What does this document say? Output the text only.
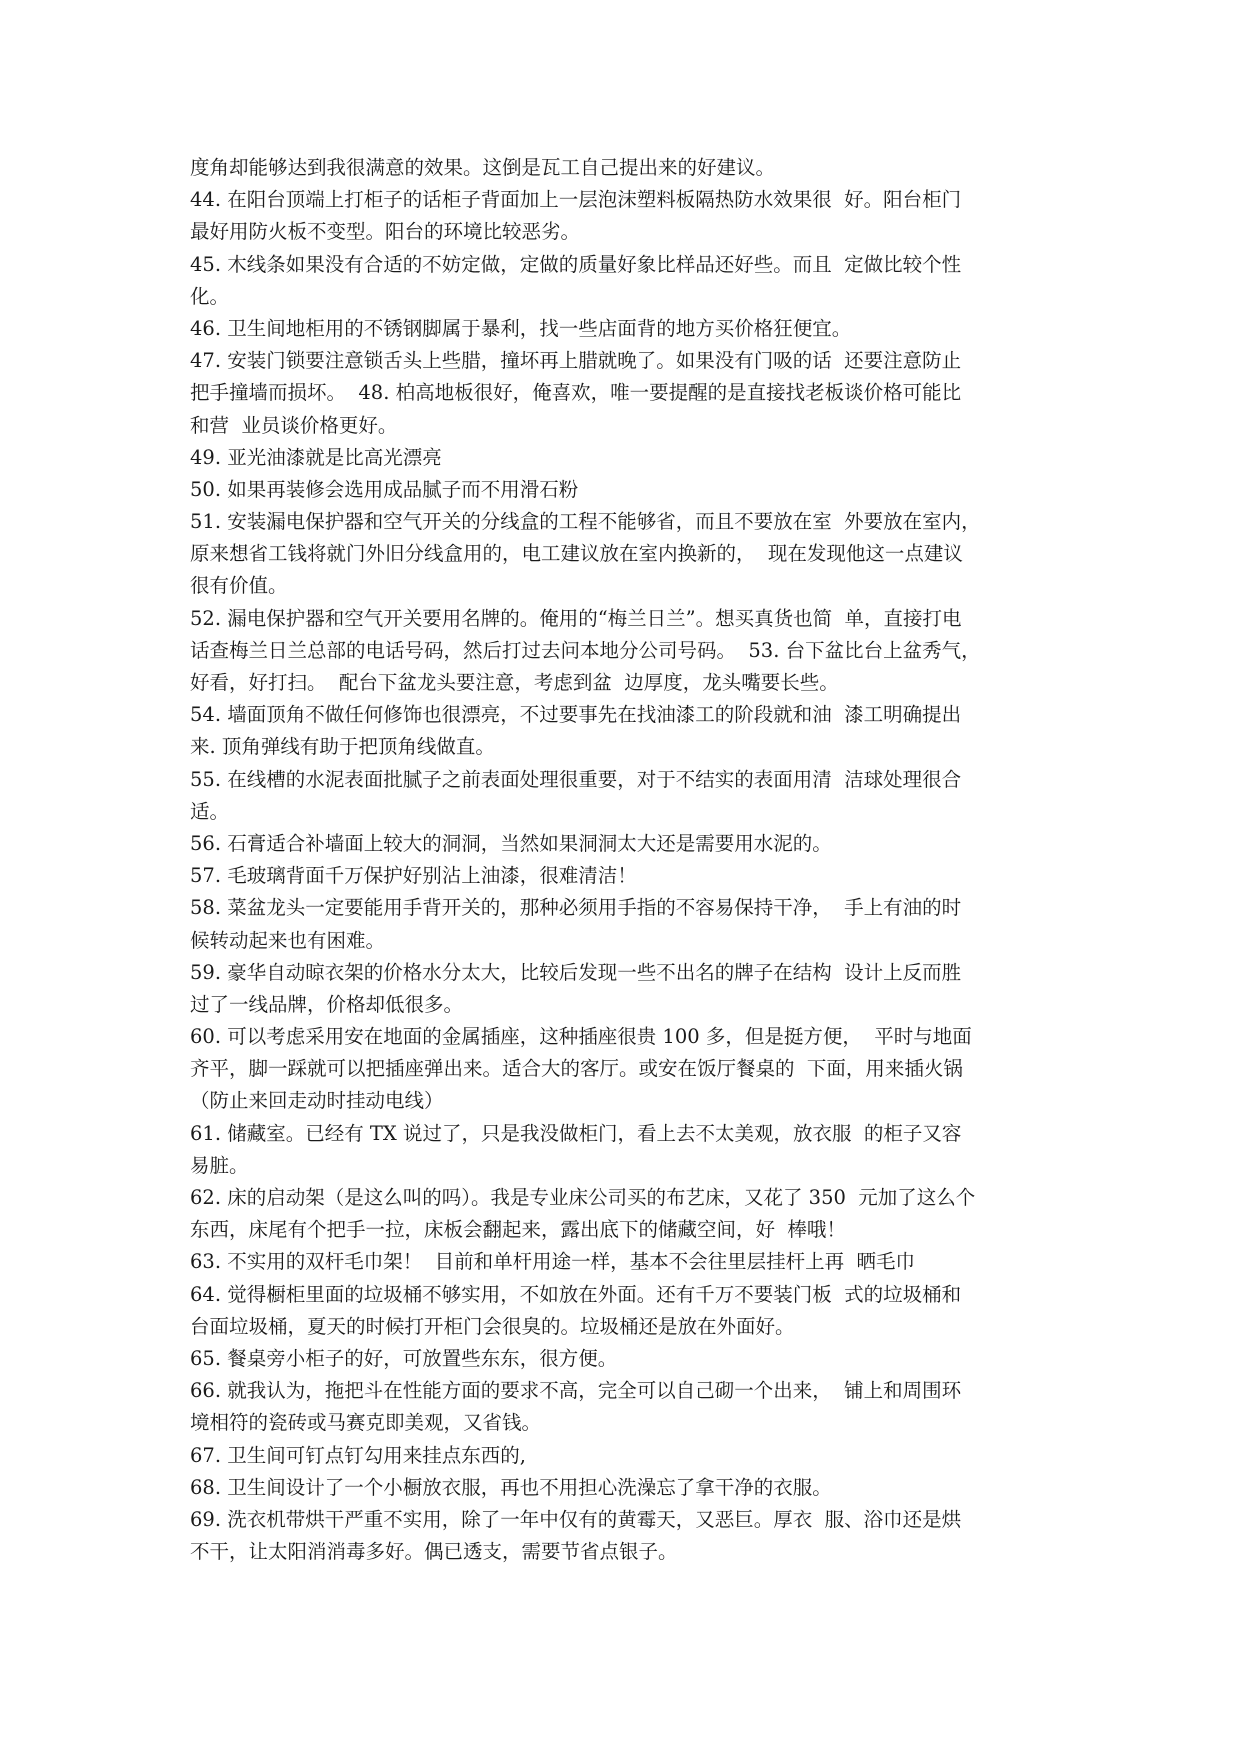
度角却能够达到我很满意的效果。这倒是瓦工自己提出来的好建议。
44. 在阳台顶端上打柜子的话柜子背面加上一层泡沫塑料板隔热防水效果很  好。阳台柜门
最好用防火板不变型。阳台的环境比较恶劣。
45. 木线条如果没有合适的不妨定做，定做的质量好象比样品还好些。而且  定做比较个性
化。
46. 卫生间地柜用的不锈钢脚属于暴利，找一些店面背的地方买价格狂便宜。
47. 安装门锁要注意锁舌头上些腊，撞坏再上腊就晚了。如果没有门吸的话  还要注意防止
把手撞墙而损坏。  48. 柏高地板很好，俺喜欢，唯一要提醒的是直接找老板谈价格可能比
和营  业员谈价格更好。
49. 亚光油漆就是比高光漂亮
50. 如果再装修会选用成品腻子而不用滑石粉
51. 安装漏电保护器和空气开关的分线盒的工程不能够省，而且不要放在室  外要放在室内，
原来想省工钱将就门外旧分线盒用的，电工建议放在室内换新的，  现在发现他这一点建议
很有价值。
52. 漏电保护器和空气开关要用名牌的。俺用的“梅兰日兰”。想买真货也简  单，直接打电
话查梅兰日兰总部的电话号码，然后打过去问本地分公司号码。  53. 台下盆比台上盆秀气，
好看，好打扫。  配台下盆龙头要注意，考虑到盆  边厚度，龙头嘴要长些。
54. 墙面顶角不做任何修饰也很漂亮，不过要事先在找油漆工的阶段就和油  漆工明确提出
来. 顶角弹线有助于把顶角线做直。
55. 在线槽的水泥表面批腻子之前表面处理很重要，对于不结实的表面用清  洁球处理很合
适。
56. 石膏适合补墙面上较大的洞洞，当然如果洞洞太大还是需要用水泥的。
57. 毛玻璃背面千万保护好别沾上油漆，很难清洁！
58. 菜盆龙头一定要能用手背开关的，那种必须用手指的不容易保持干净，  手上有油的时
候转动起来也有困难。
59. 豪华自动晾衣架的价格水分太大，比较后发现一些不出名的牌子在结构  设计上反而胜
过了一线品牌，价格却低很多。
60. 可以考虑采用安在地面的金属插座，这种插座很贵 100 多，但是挺方便，  平时与地面
齐平，脚一踩就可以把插座弹出来。适合大的客厅。或安在饭厅餐桌的  下面，用来插火锅
（防止来回走动时挂动电线）
61. 储藏室。已经有 TX 说过了，只是我没做柜门，看上去不太美观，放衣服  的柜子又容
易脏。
62. 床的启动架（是这么叫的吗）。我是专业床公司买的布艺床，又花了 350  元加了这么个
东西，床尾有个把手一拉，床板会翻起来，露出底下的储藏空间，好  棒哦！
63. 不实用的双杆毛巾架！  目前和单杆用途一样，基本不会往里层挂杆上再  晒毛巾
64. 觉得橱柜里面的垃圾桶不够实用，不如放在外面。还有千万不要装门板  式的垃圾桶和
台面垃圾桶，夏天的时候打开柜门会很臭的。垃圾桶还是放在外面好。
65. 餐桌旁小柜子的好，可放置些东东，很方便。
66. 就我认为，拖把斗在性能方面的要求不高，完全可以自己砌一个出来，  铺上和周围环
境相符的瓷砖或马赛克即美观，又省钱。
67. 卫生间可钉点钉勾用来挂点东西的,
68. 卫生间设计了一个小橱放衣服，再也不用担心洗澡忘了拿干净的衣服。
69. 洗衣机带烘干严重不实用，除了一年中仅有的黄霉天，又恶巨。厚衣  服、浴巾还是烘
不干，让太阳消消毒多好。偶已透支，需要节省点银子。
